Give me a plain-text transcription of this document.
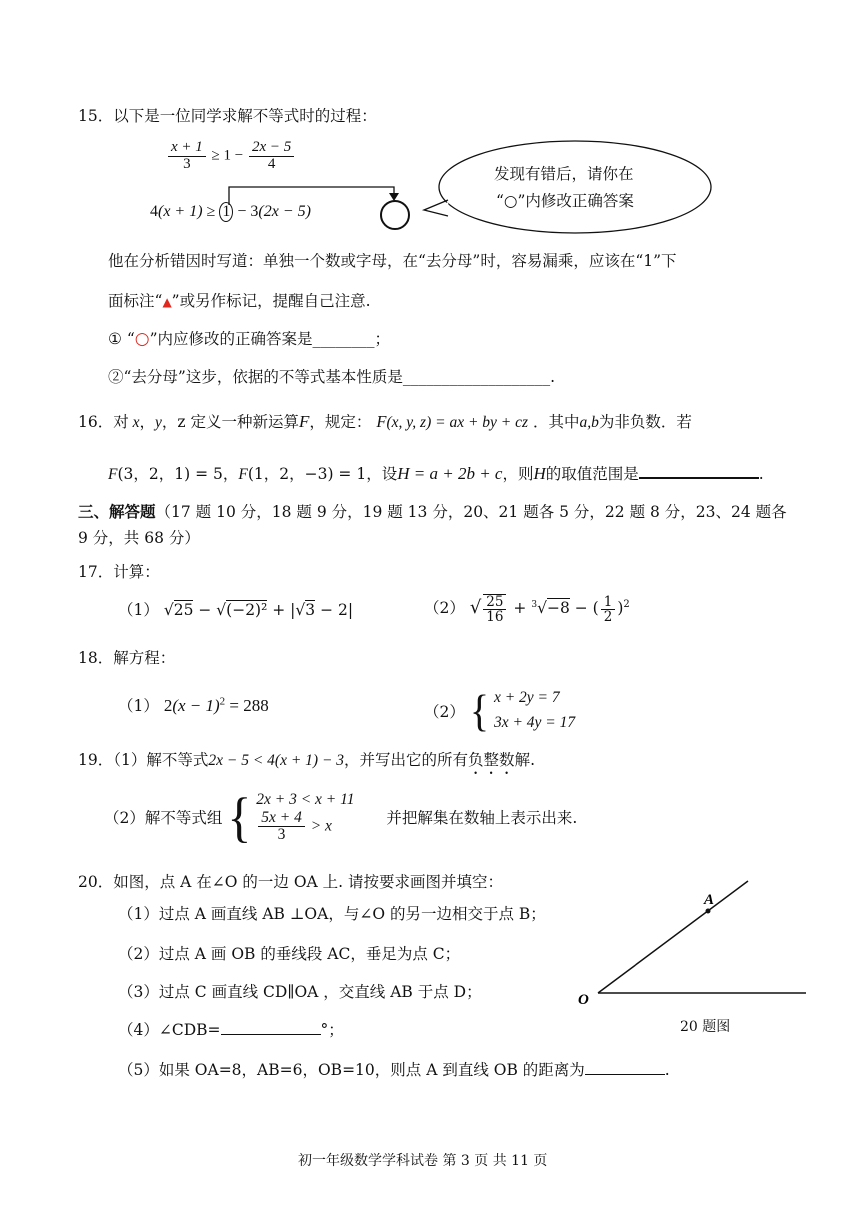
15．以下是一位同学求解不等式时的过程：
$\frac{x + 1}{3} \ge 1 - \frac{2x - 5}{4}$
4(x + 1) ≥ 1 − 3(2x − 5)
发现有错后，请你在
“○”内修改正确答案
他在分析错因时写道：单独一个数或字母，在“去分母”时，容易漏乘，应该在“1”下
面标注“▲”或另作标记，提醒自己注意.
① “○”内应修改的正确答案是________；
②“去分母”这步，依据的不等式基本性质是___________________.
16．对 x，y，z 定义一种新运算F，规定： F(x, y, z) = ax + by + cz ．其中a,b为非负数．若
F(3，2，1) = 5，F(1，2，−3) = 1，设H = a + 2b + c，则H的取值范围是	.
三、解答题（17 题 10 分，18 题 9 分，19 题 13 分，20、21 题各 5 分，22 题 8 分，23、24 题各
9 分，共 68 分）
17．计算：
（1） √25 − √(−2)² + |√3 − 2|	（2） √ $\frac{25}{16} + ^3√-8$ − ( $\frac{1}{2} )^2$
18．解方程：
（1） $2(x - 1)^2 = 288$	（2） { x + 2y = 7
3x + 4y = 17
19．（1）解不等式2x − 5 < 4(x + 1) − 3，并写出它的所有负整数解.
（2）解不等式组 { 2x + 3 < x + 11
$\frac{5x + 4}{3} > x$	并把解集在数轴上表示出来.
20．如图，点 A 在∠O 的一边 OA 上. 请按要求画图并填空：
（1）过点 A 画直线 AB ⊥OA，与∠O 的另一边相交于点 B；
（2）过点 A 画 OB 的垂线段 AC，垂足为点 C；
（3）过点 C 画直线 CD∥OA ，交直线 AB 于点 D；
（4）∠CDB=	°；
（5）如果 OA=8，AB=6，OB=10，则点 A 到直线 OB 的距离为	.
A
O
20 题图
初一年级数学学科试卷 第 3 页 共 11 页
